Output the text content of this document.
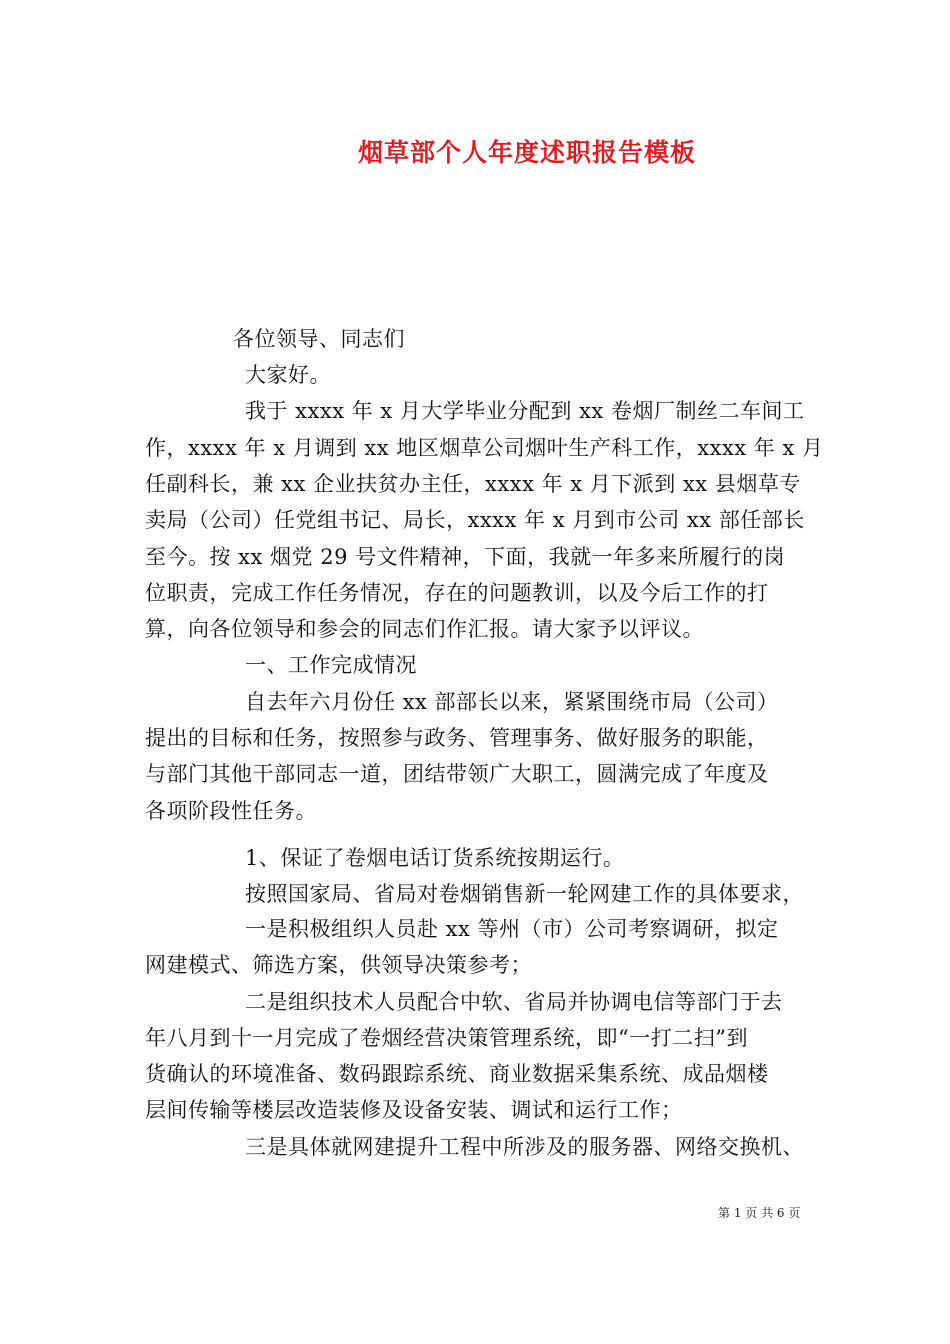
烟草部个人年度述职报告模板
各位领导、同志们
大家好。
我于 xxxx 年 x 月大学毕业分配到 xx 卷烟厂制丝二车间工
作，xxxx 年 x 月调到 xx 地区烟草公司烟叶生产科工作，xxxx 年 x 月
任副科长，兼 xx 企业扶贫办主任，xxxx 年 x 月下派到 xx 县烟草专
卖局（公司）任党组书记、局长，xxxx 年 x 月到市公司 xx 部任部长
至今。按 xx 烟党 29 号文件精神，下面，我就一年多来所履行的岗
位职责，完成工作任务情况，存在的问题教训，以及今后工作的打
算，向各位领导和参会的同志们作汇报。请大家予以评议。
一、工作完成情况
自去年六月份任 xx 部部长以来，紧紧围绕市局（公司）
提出的目标和任务，按照参与政务、管理事务、做好服务的职能，
与部门其他干部同志一道，团结带领广大职工，圆满完成了年度及
各项阶段性任务。
1、保证了卷烟电话订货系统按期运行。
按照国家局、省局对卷烟销售新一轮网建工作的具体要求，
一是积极组织人员赴 xx 等州（市）公司考察调研，拟定
网建模式、筛选方案，供领导决策参考；
二是组织技术人员配合中软、省局并协调电信等部门于去
年八月到十一月完成了卷烟经营决策管理系统，即“一打二扫”到
货确认的环境准备、数码跟踪系统、商业数据采集系统、成品烟楼
层间传输等楼层改造装修及设备安装、调试和运行工作；
三是具体就网建提升工程中所涉及的服务器、网络交换机、
第 1 页 共 6 页
